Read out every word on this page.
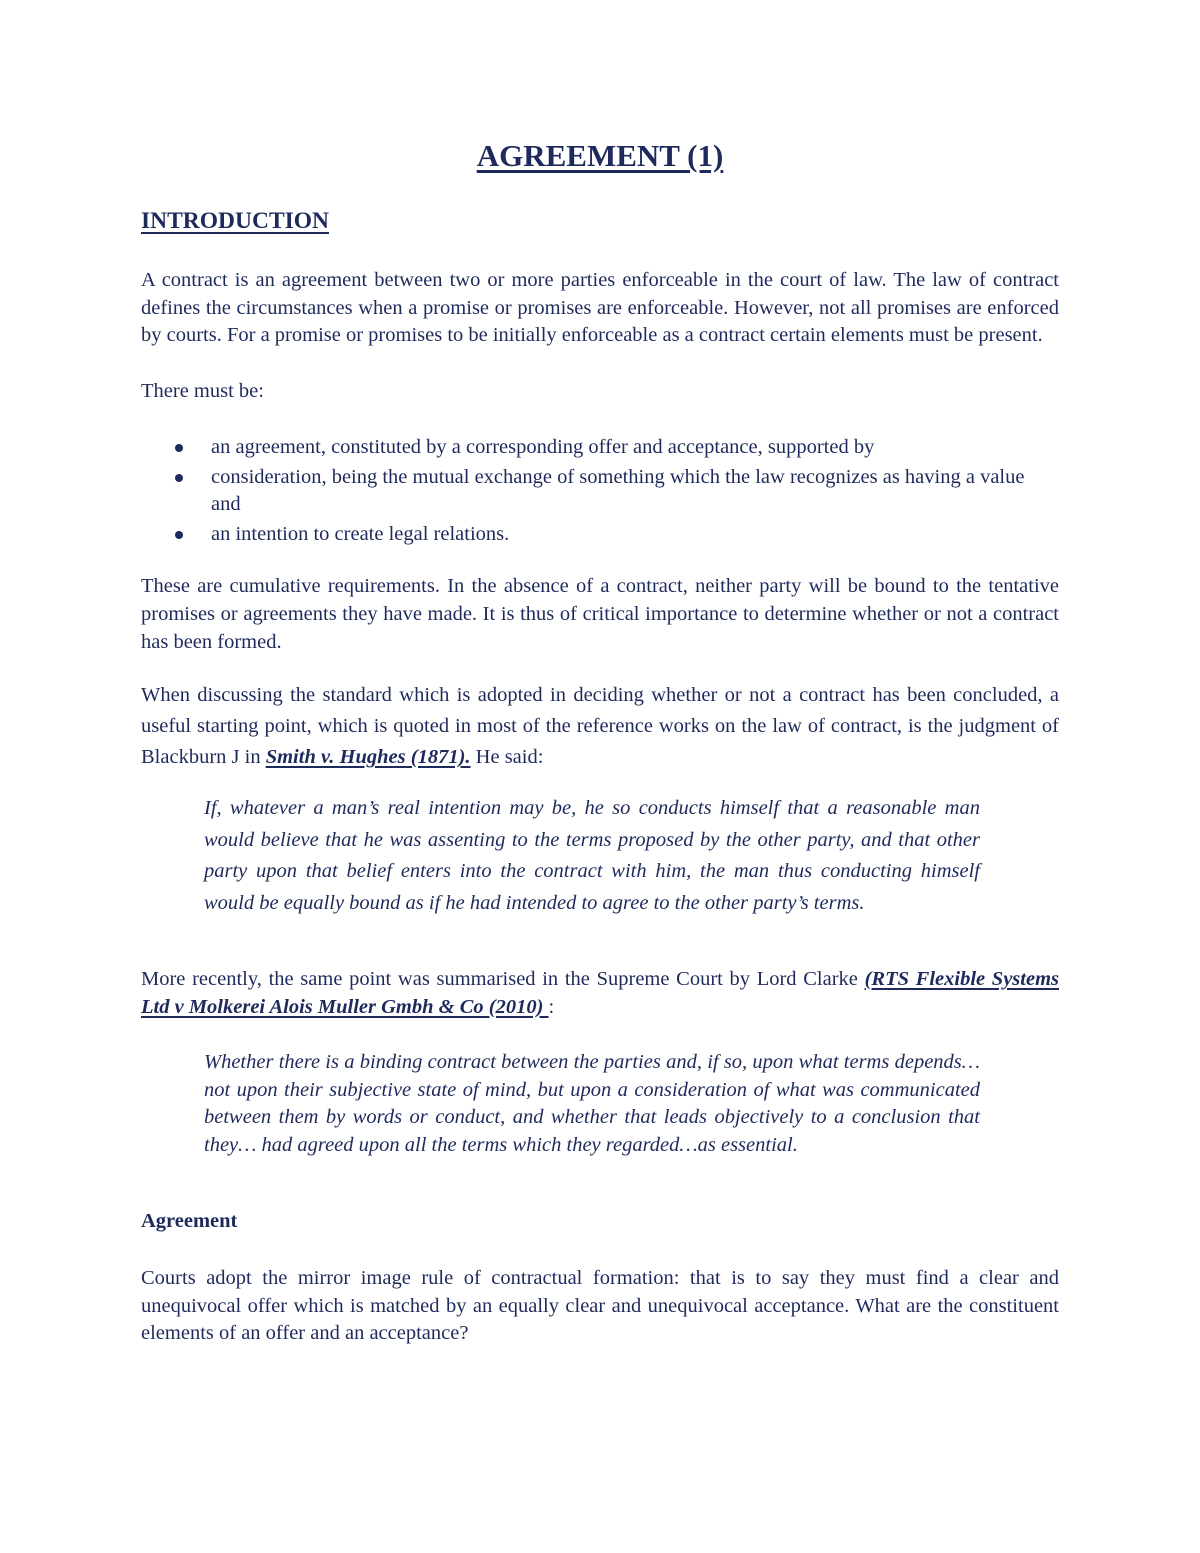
AGREEMENT (1)
INTRODUCTION

A contract is an agreement between two or more parties enforceable in the court of law. The law of contract defines the circumstances when a promise or promises are enforceable. However, not all promises are enforced by courts. For a promise or promises to be initially enforceable as a contract certain elements must be present.

There must be:

an agreement, constituted by a corresponding offer and acceptance, supported by
consideration, being the mutual exchange of something which the law recognizes as having a value and
an intention to create legal relations.

These are cumulative requirements. In the absence of a contract, neither party will be bound to the tentative promises or agreements they have made. It is thus of critical importance to determine whether or not a contract has been formed.

When discussing the standard which is adopted in deciding whether or not a contract has been concluded, a useful starting point, which is quoted in most of the reference works on the law of contract, is the judgment of Blackburn J in Smith v. Hughes (1871). He said:

If, whatever a man’s real intention may be, he so conducts himself that a reasonable man would believe that he was assenting to the terms proposed by the other party, and that other party upon that belief enters into the contract with him, the man thus conducting himself would be equally bound as if he had intended to agree to the other party’s terms.

More recently, the same point was summarised in the Supreme Court by Lord Clarke (RTS Flexible Systems Ltd v Molkerei Alois Muller Gmbh & Co (2010) :

Whether there is a binding contract between the parties and, if so, upon what terms depends… not upon their subjective state of mind, but upon a consideration of what was communicated between them by words or conduct, and whether that leads objectively to a conclusion that they… had agreed upon all the terms which they regarded…as essential.
Agreement

Courts adopt the mirror image rule of contractual formation: that is to say they must find a clear and unequivocal offer which is matched by an equally clear and unequivocal acceptance. What are the constituent elements of an offer and an acceptance?
